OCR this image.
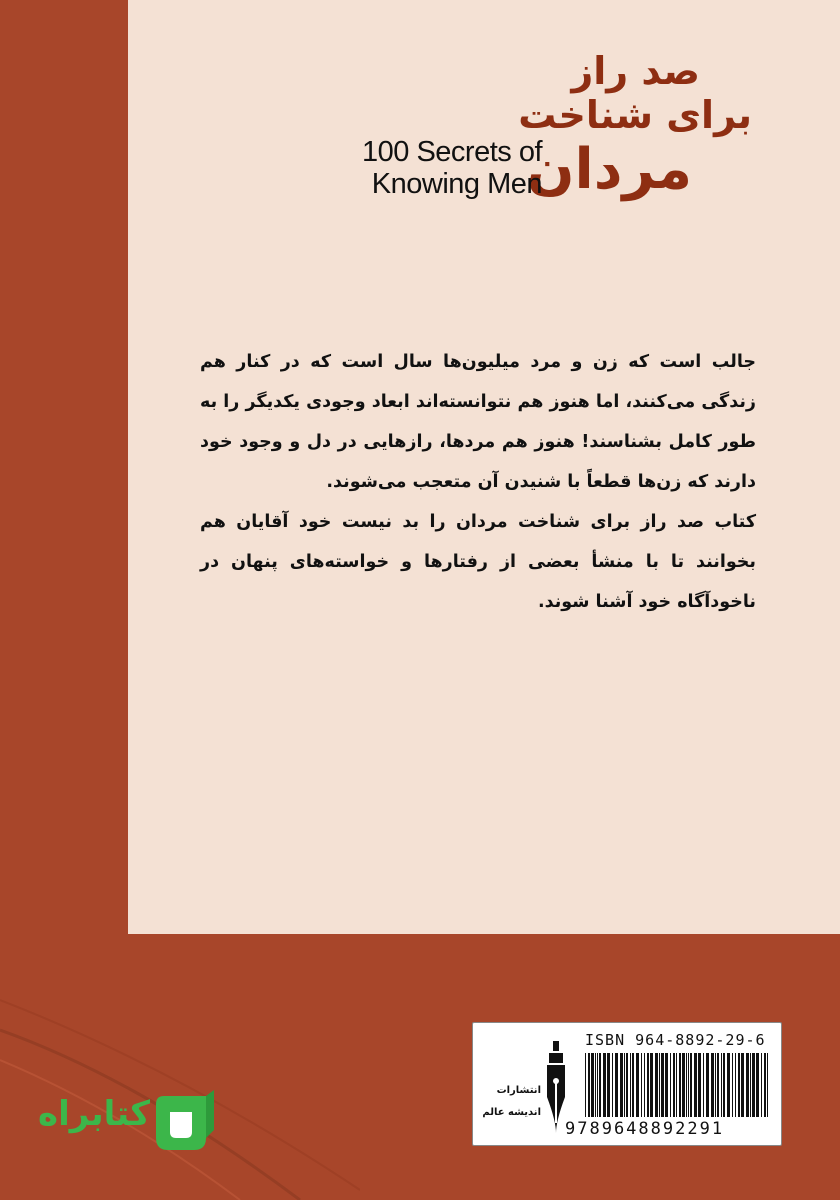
صد راز
برای شناخت
مردان
100 Secrets of
Knowing Men

جالب است که زن و مرد میلیون‌ها سال است که در کنار هم زندگی می‌کنند، اما هنوز هم نتوانسته‌اند ابعاد وجودی یکدیگر را به طور کامل بشناسند! هنوز هم مردها، رازهایی در دل و وجود خود دارند که زن‌ها قطعاً با شنیدن آن متعجب می‌شوند.

کتاب صد راز برای شناخت مردان را بد نیست خود آقایان هم بخوانند تا با منشأ بعضی از رفتارها و خواسته‌های پنهان در ناخودآگاه خود آشنا شوند.

انتشارات
اندیشه عالم
ISBN 964-8892-29-6
9789648892291
کتابراه
